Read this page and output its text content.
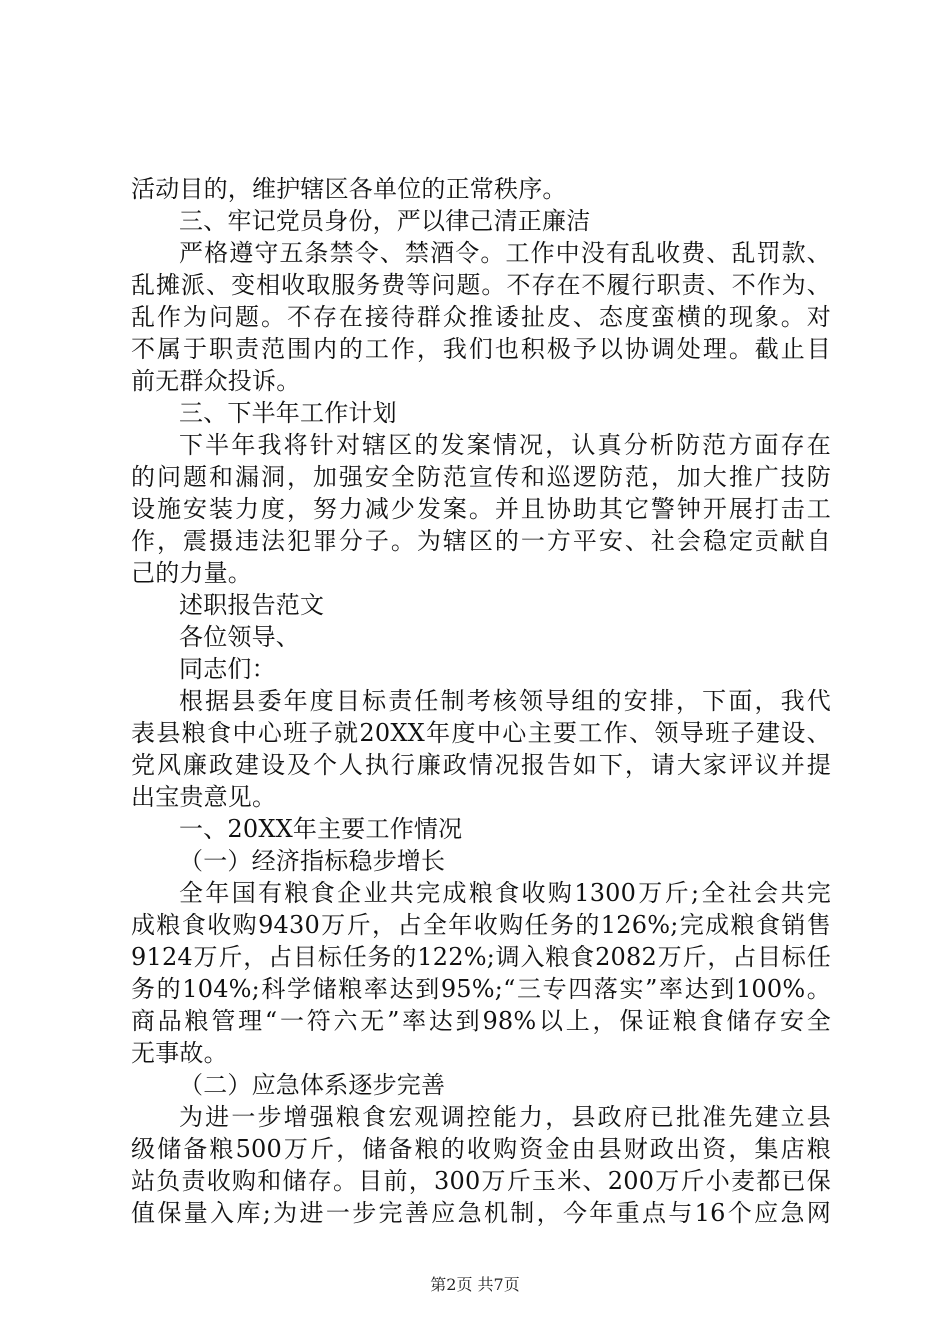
活动目的，维护辖区各单位的正常秩序。
三、牢记党员身份，严以律己清正廉洁
严格遵守五条禁令、禁酒令。工作中没有乱收费、乱罚款、
乱摊派、变相收取服务费等问题。不存在不履行职责、不作为、
乱作为问题。不存在接待群众推诿扯皮、态度蛮横的现象。对
不属于职责范围内的工作，我们也积极予以协调处理。截止目
前无群众投诉。
三、下半年工作计划
下半年我将针对辖区的发案情况，认真分析防范方面存在
的问题和漏洞，加强安全防范宣传和巡逻防范，加大推广技防
设施安装力度，努力减少发案。并且协助其它警钟开展打击工
作，震摄违法犯罪分子。为辖区的一方平安、社会稳定贡献自
己的力量。
述职报告范文
各位领导、
同志们：
根据县委年度目标责任制考核领导组的安排，下面，我代
表县粮食中心班子就20XX年度中心主要工作、领导班子建设、
党风廉政建设及个人执行廉政情况报告如下，请大家评议并提
出宝贵意见。
一、20XX年主要工作情况
（一）经济指标稳步增长
全年国有粮食企业共完成粮食收购1300万斤;全社会共完
成粮食收购9430万斤，占全年收购任务的126%;完成粮食销售
9124万斤，占目标任务的122%;调入粮食2082万斤，占目标任
务的104%;科学储粮率达到95%;“三专四落实”率达到100%。
商品粮管理“一符六无”率达到98%以上，保证粮食储存安全
无事故。
（二）应急体系逐步完善
为进一步增强粮食宏观调控能力，县政府已批准先建立县
级储备粮500万斤，储备粮的收购资金由县财政出资，集店粮
站负责收购和储存。目前，300万斤玉米、200万斤小麦都已保
值保量入库;为进一步完善应急机制，今年重点与16个应急网
第2页 共7页
